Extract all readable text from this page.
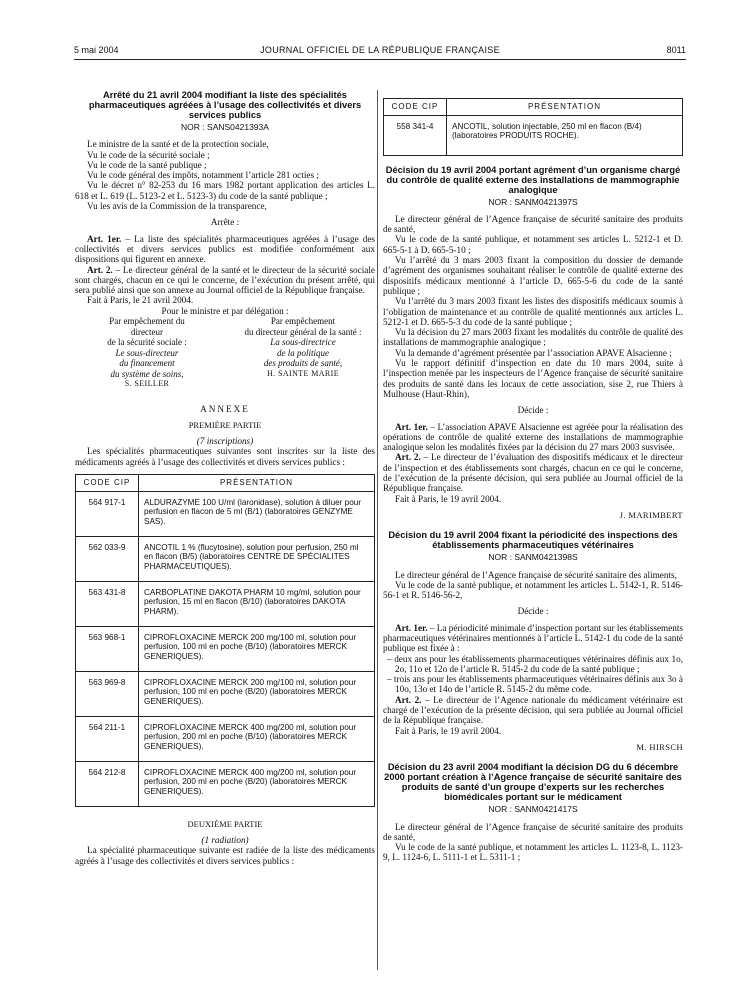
5 mai 2004	JOURNAL OFFICIEL DE LA RÉPUBLIQUE FRANÇAISE	8011

Arrêté du 21 avril 2004 modifiant la liste des spécialités pharmaceutiques agréées à l’usage des collectivités et divers services publics

NOR : SANS0421393A

Le ministre de la santé et de la protection sociale,

Vu le code de la sécurité sociale ;

Vu le code de la santé publique ;

Vu le code général des impôts, notamment l’article 281 octies ;

Vu le décret n° 82-253 du 16 mars 1982 portant application des articles L. 618 et L. 619 (L. 5123-2 et L. 5123-3) du code de la santé publique ;

Vu les avis de la Commission de la transparence,

Arrête :

Art. 1er. – La liste des spécialités pharmaceutiques agréées à l’usage des collectivités et divers services publics est modifiée conformément aux dispositions qui figurent en annexe.

Art. 2. – Le directeur général de la santé et le directeur de la sécurité sociale sont chargés, chacun en ce qui le concerne, de l’exécution du présent arrêté, qui sera publié ainsi que son annexe au Journal officiel de la République française.

Fait à Paris, le 21 avril 2004.

Pour le ministre et par délégation :

Par empêchement du
directeur
de la sécurité sociale :
Le sous-directeur
du financement
du système de soins,
S. SEILLER
Par empêchement
du directeur général de la santé :
La sous-directrice
de la politique
des produits de santé,
H. SAINTE MARIE

ANNEXE

PREMIÈRE PARTIE

(7 inscriptions)

Les spécialités pharmaceutiques suivantes sont inscrites sur la liste des médicaments agréés à l’usage des collectivités et divers services publics :

CODE CIP	PRÉSENTATION
564 917-1	ALDURAZYME 100 U/ml (laronidase), solution à diluer pour perfusion en flacon de 5 ml (B/1) (laboratoires GENZYME SAS).
562 033-9	ANCOTIL 1 % (flucytosine), solution pour perfusion, 250 ml en flacon (B/5) (laboratoires CENTRE DE SPÉCIALITES PHARMACEUTIQUES).
563 431-8	CARBOPLATINE DAKOTA PHARM 10 mg/ml, solution pour perfusion, 15 ml en flacon (B/10) (laboratoires DAKOTA PHARM).
563 968-1	CIPROFLOXACINE MERCK 200 mg/100 ml, solution pour perfusion, 100 ml en poche (B/10) (laboratoires MERCK GENERIQUES).
563 969-8	CIPROFLOXACINE MERCK 200 mg/100 ml, solution pour perfusion, 100 ml en poche (B/20) (laboratoires MERCK GENERIQUES).
564 211-1	CIPROFLOXACINE MERCK 400 mg/200 ml, solution pour perfusion, 200 ml en poche (B/10) (laboratoires MERCK GENERIQUES).
564 212-8	CIPROFLOXACINE MERCK 400 mg/200 ml, solution pour perfusion, 200 ml en poche (B/20) (laboratoires MERCK GENERIQUES).

DEUXIÈME PARTIE

(1 radiation)

La spécialité pharmaceutique suivante est radiée de la liste des médicaments agréés à l’usage des collectivités et divers services publics :

CODE CIP	PRÉSENTATION
558 341-4	ANCOTIL, solution injectable, 250 ml en flacon (B/4) (laboratoires PRODUITS ROCHE).

Décision du 19 avril 2004 portant agrément d’un organisme chargé du contrôle de qualité externe des installations de mammographie analogique

NOR : SANM0421397S

Le directeur général de l’Agence française de sécurité sanitaire des produits de santé,

Vu le code de la santé publique, et notamment ses articles L. 5212-1 et D. 665-5-1 à D. 665-5-10 ;

Vu l’arrêté du 3 mars 2003 fixant la composition du dossier de demande d’agrément des organismes souhaitant réaliser le contrôle de qualité externe des dispositifs médicaux mentionné à l’article D. 665-5-6 du code de la santé publique ;

Vu l’arrêté du 3 mars 2003 fixant les listes des dispositifs médicaux soumis à l’obligation de maintenance et au contrôle de qualité mentionnés aux articles L. 5212-1 et D. 665-5-3 du code de la santé publique ;

Vu la décision du 27 mars 2003 fixant les modalités du contrôle de qualité des installations de mammographie analogique ;

Vu la demande d’agrément présentée par l’association APAVE Alsacienne ;

Vu le rapport définitif d’inspection en date du 10 mars 2004, suite à l’inspection menée par les inspecteurs de l’Agence française de sécurité sanitaire des produits de santé dans les locaux de cette association, sise 2, rue Thiers à Mulhouse (Haut-Rhin),

Décide :

Art. 1er. – L’association APAVE Alsacienne est agréée pour la réalisation des opérations de contrôle de qualité externe des installations de mammographie analogique selon les modalités fixées par la décision du 27 mars 2003 susvisée.

Art. 2. – Le directeur de l’évaluation des dispositifs médicaux et le directeur de l’inspection et des établissements sont chargés, chacun en ce qui le concerne, de l’exécution de la présente décision, qui sera publiée au Journal officiel de la République française.

Fait à Paris, le 19 avril 2004.

J. MARIMBERT

Décision du 19 avril 2004 fixant la périodicité des inspections des établissements pharmaceutiques vétérinaires

NOR : SANM0421398S

Le directeur général de l’Agence française de sécurité sanitaire des aliments,

Vu le code de la santé publique, et notamment les articles L. 5142-1, R. 5146-56-1 et R. 5146-56-2,

Décide :

Art. 1er. – La périodicité minimale d’inspection portant sur les établissements pharmaceutiques vétérinaires mentionnés à l’article L. 5142-1 du code de la santé publique est fixée à :

– deux ans pour les établissements pharmaceutiques vétérinaires définis aux 1o, 2o, 11o et 12o de l’article R. 5145-2 du code de la santé publique ;
– trois ans pour les établissements pharmaceutiques vétérinaires définis aux 3o à 10o, 13o et 14o de l’article R. 5145-2 du même code.

Art. 2. – Le directeur de l’Agence nationale du médicament vétérinaire est chargé de l’exécution de la présente décision, qui sera publiée au Journal officiel de la République française.

Fait à Paris, le 19 avril 2004.

M. HIRSCH

Décision du 23 avril 2004 modifiant la décision DG du 6 décembre 2000 portant création à l’Agence française de sécurité sanitaire des produits de santé d’un groupe d’experts sur les recherches biomédicales portant sur le médicament

NOR : SANM0421417S

Le directeur général de l’Agence française de sécurité sanitaire des produits de santé,

Vu le code de la santé publique, et notamment les articles L. 1123-8, L. 1123-9, L. 1124-6, L. 5111-1 et L. 5311-1 ;
